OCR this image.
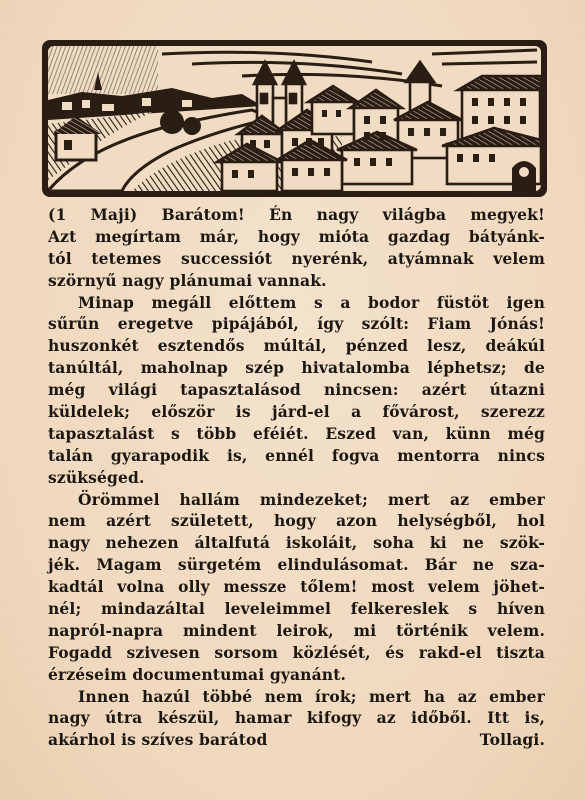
(1 Maji) Barátom! Én nagy világba megyek!
Azt megírtam már, hogy mióta gazdag bátyánk-
tól tetemes successiót nyerénk, atyámnak velem
szörnyű nagy plánumai vannak.
Minap megáll előttem s a bodor füstöt igen
sűrűn eregetve pipájából, így szólt: Fiam Jónás!
huszonkét esztendős múltál, pénzed lesz, deákúl
tanúltál, maholnap szép hivatalomba léphetsz; de
még világi tapasztalásod nincsen: azért útazni
küldelek; először is járd-el a fővárost, szerezz
tapasztalást s több eféiét. Eszed van, künn még
talán gyarapodik is, ennél fogva mentorra nincs
szükséged.
Örömmel hallám mindezeket; mert az ember
nem azért született, hogy azon helységből, hol
nagy nehezen általfutá iskoláit, soha ki ne szök-
jék. Magam sürgetém elindulásomat. Bár ne sza-
kadtál volna olly messze tőlem! most velem jöhet-
nél; mindazáltal leveleimmel felkereslek s híven
napról-napra mindent leirok, mi történik velem.
Fogadd szivesen sorsom közlését, és rakd-el tiszta
érzéseim documentumai gyanánt.
Innen hazúl többé nem írok; mert ha az ember
nagy útra készül, hamar kifogy az időből. Itt is,
akárhol is szíves barátod	Tollagi.
